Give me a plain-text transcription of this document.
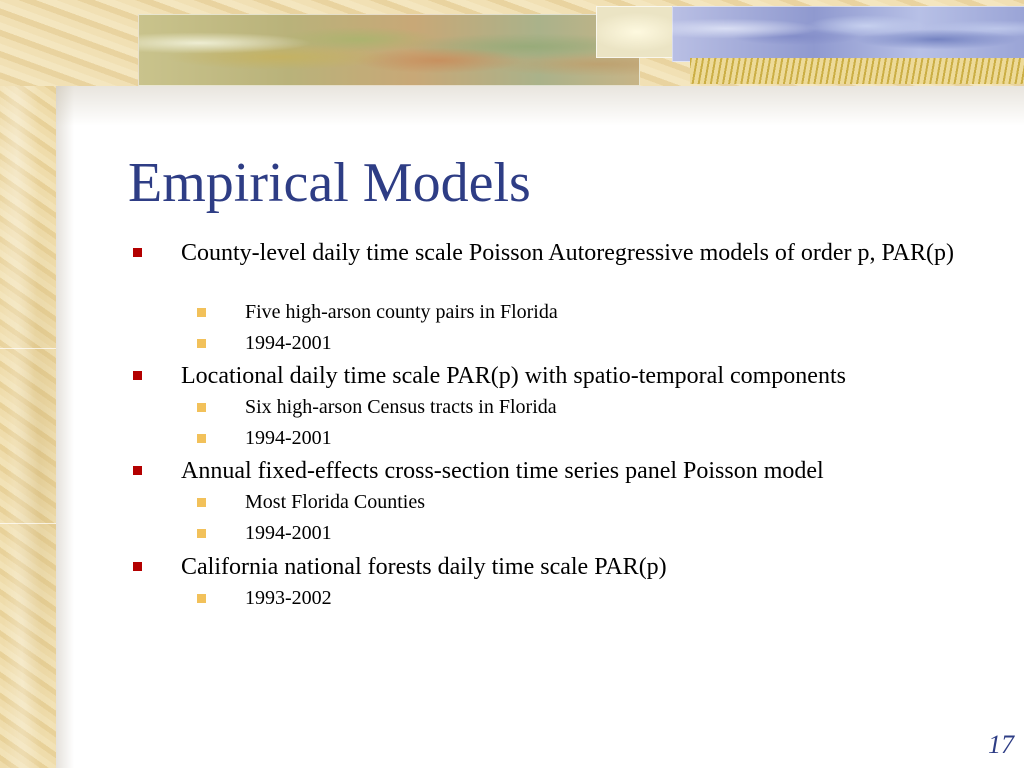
Empirical Models
County-level daily time scale Poisson Autoregressive models of order p, PAR(p)
Five high-arson county pairs in Florida
1994-2001
Locational daily time scale PAR(p) with spatio-temporal components
Six high-arson Census tracts in Florida
1994-2001
Annual fixed-effects cross-section time series panel Poisson model
Most Florida Counties
1994-2001
California national forests daily time scale PAR(p)
1993-2002
17
